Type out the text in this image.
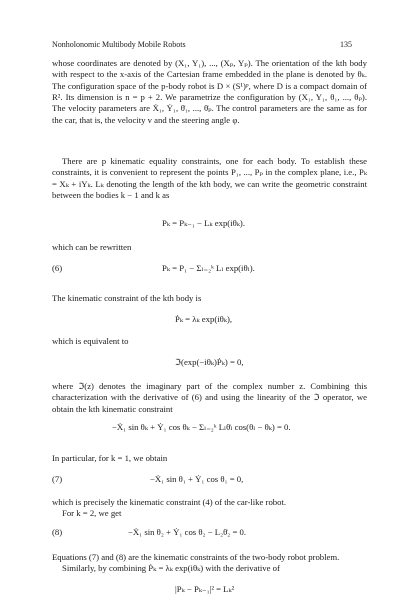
Nonholonomic Multibody Mobile Robots	135
whose coordinates are denoted by (X₁, Y₁), ..., (Xₚ, Yₚ). The orientation of the kth body with respect to the x-axis of the Cartesian frame embedded in the plane is denoted by θₖ. The configuration space of the p-body robot is D × (S¹)ᵖ, where D is a compact domain of R². Its dimension is n = p + 2. We parametrize the configuration by (X₁, Y₁, θ₁, ..., θₚ). The velocity parameters are Ẋ₁, Ẏ₁, θ̇₁, ..., θ̇ₚ. The control parameters are the same as for the car, that is, the velocity v and the steering angle φ.
There are p kinematic equality constraints, one for each body. To establish these constraints, it is convenient to represent the points P₁, ..., Pₚ in the complex plane, i.e., Pₖ = Xₖ + iYₖ. Lₖ denoting the length of the kth body, we can write the geometric constraint between the bodies k − 1 and k as
Pₖ = Pₖ₋₁ − Lₖ exp(iθₖ).
which can be rewritten
(6)	Pₖ = P₁ − Σₗ₌₂ᵏ Lₗ exp(iθₗ).
The kinematic constraint of the kth body is
Ṗₖ = λₖ exp(iθₖ),
which is equivalent to
ℑ(exp(−iθₖ)Ṗₖ) = 0,
where ℑ(z) denotes the imaginary part of the complex number z. Combining this characterization with the derivative of (6) and using the linearity of the ℑ operator, we obtain the kth kinematic constraint
−Ẋ₁ sin θₖ + Ẏ₁ cos θₖ − Σₗ₌₂ᵏ Lₗθ̇ₗ cos(θₗ − θₖ) = 0.
In particular, for k = 1, we obtain
(7)	−Ẋ₁ sin θ₁ + Ẏ₁ cos θ₁ = 0,
which is precisely the kinematic constraint (4) of the car-like robot.
For k = 2, we get
(8)	−Ẋ₁ sin θ₂ + Ẏ₁ cos θ₂ − L₂θ̇₂ = 0.
Equations (7) and (8) are the kinematic constraints of the two-body robot problem.
Similarly, by combining Ṗₖ = λₖ exp(iθₖ) with the derivative of
|Pₖ − Pₖ₋₁|² = Lₖ²
